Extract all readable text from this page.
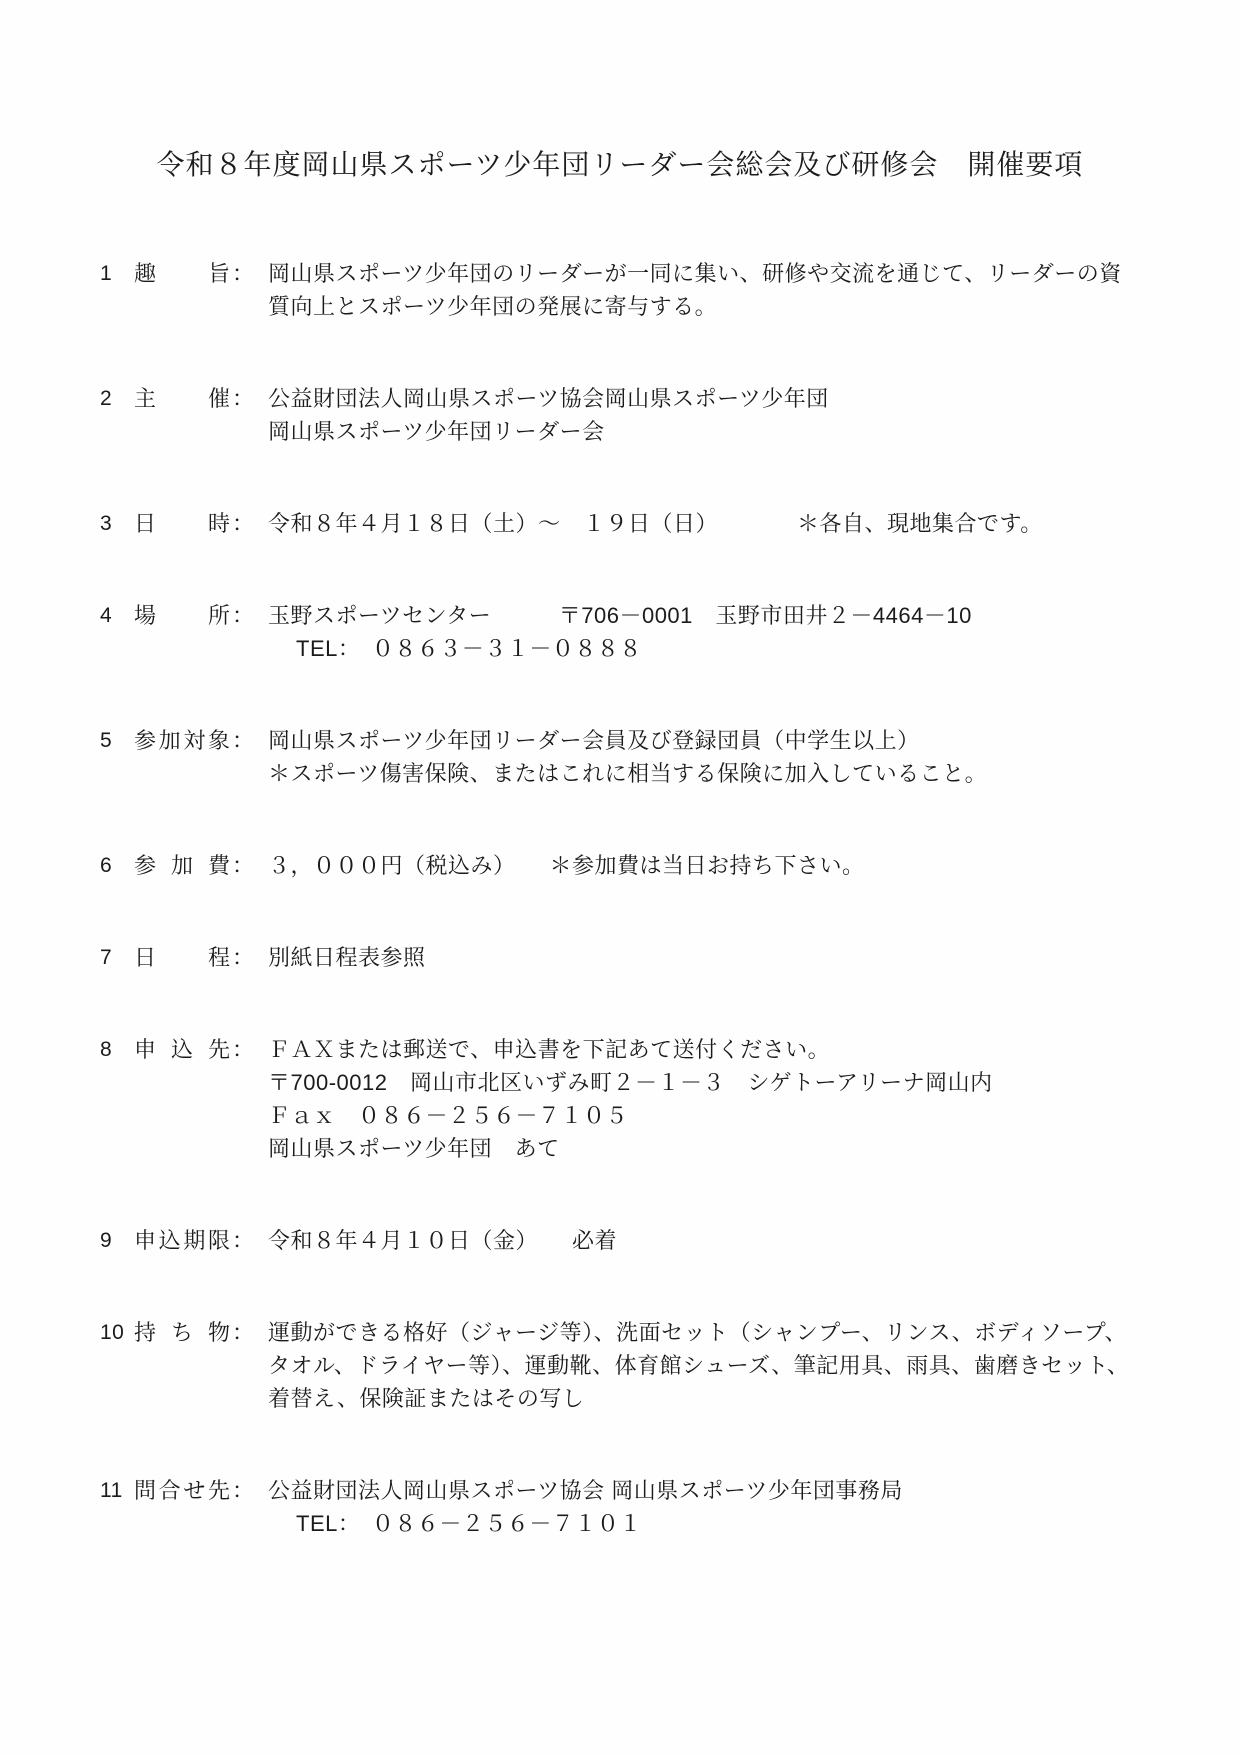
令和８年度岡山県スポーツ少年団リーダー会総会及び研修会　開催要項
1 趣旨 ： 岡山県スポーツ少年団のリーダーが一同に集い、研修や交流を通じて、リーダーの資
質向上とスポーツ少年団の発展に寄与する。
2 主催 ： 公益財団法人岡山県スポーツ協会岡山県スポーツ少年団
岡山県スポーツ少年団リーダー会
3 日時 ： 令和８年４月１８日（土）～　１９日（日）　　　　＊各自、現地集合です。
4 場所 ： 玉野スポーツセンター　　　〒706－0001　玉野市田井２－4464－10
TEL：　０８６３－３１－０８８８
5 参加対象 ： 岡山県スポーツ少年団リーダー会員及び登録団員（中学生以上）
＊スポーツ傷害保険、またはこれに相当する保険に加入していること。
6 参加費 ： ３，０００円（税込み）　　＊参加費は当日お持ち下さい。
7 日程 ： 別紙日程表参照
8 申込先 ： ＦＡＸまたは郵送で、申込書を下記あて送付ください。
〒700-0012　岡山市北区いずみ町２－１－３　シゲトーアリーナ岡山内
Ｆａｘ　０８６－２５６－７１０５
岡山県スポーツ少年団　あて
9 申込期限 ： 令和８年４月１０日（金）　　必着
10 持ち物 ： 運動ができる格好（ジャージ等）、洗面セット（シャンプー、リンス、ボディソープ、
タオル、ドライヤー等）、運動靴、体育館シューズ、筆記用具、雨具、歯磨きセット、
着替え、保険証またはその写し
11 問合せ先 ： 公益財団法人岡山県スポーツ協会 岡山県スポーツ少年団事務局
TEL：　０８６－２５６－７１０１
